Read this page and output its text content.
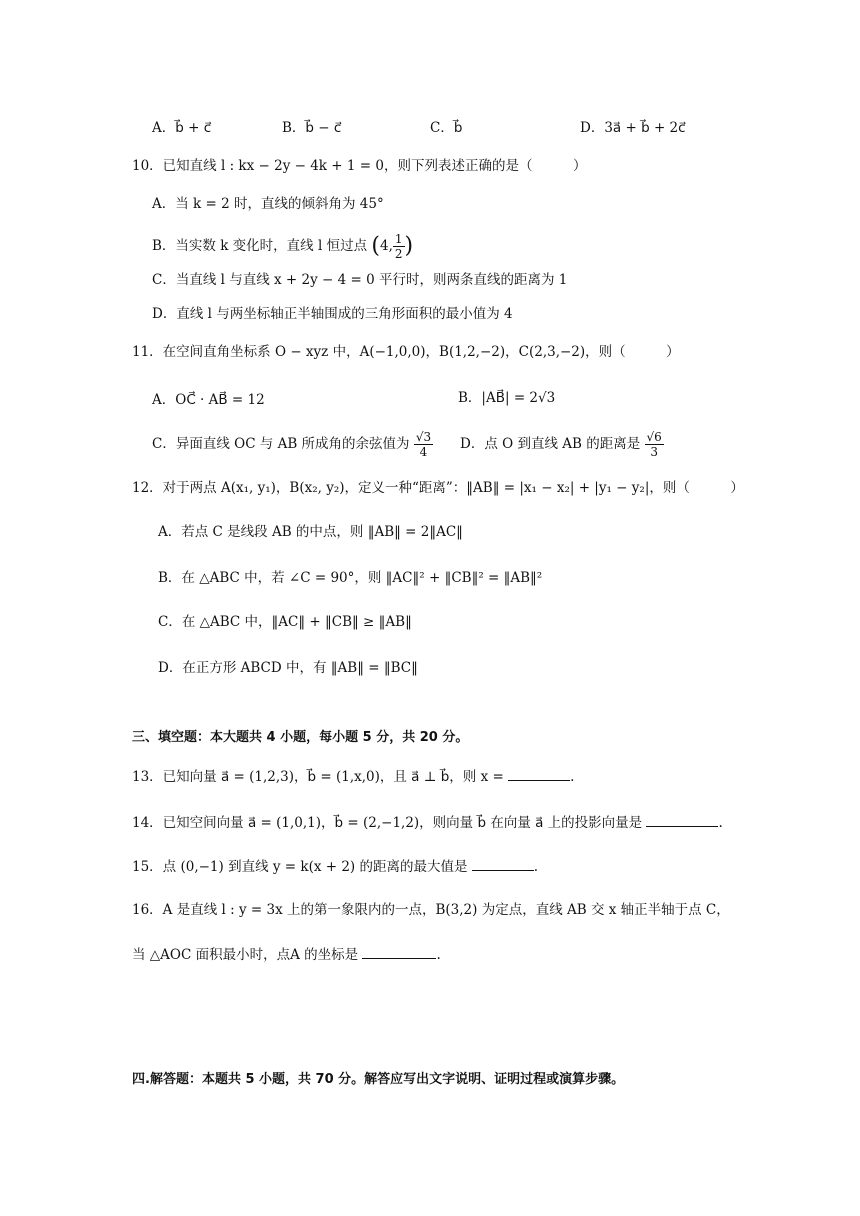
A．b⃗ + c⃗	B．b⃗ − c⃗	C．b⃗	D．3a⃗ + b⃗ + 2c⃗
10．已知直线 l : kx − 2y − 4k + 1 = 0，则下列表述正确的是（　　　）
A．当 k = 2 时，直线的倾斜角为 45°
B．当实数 k 变化时，直线 l 恒过点 (4, $\frac{1}{2}$ )
C．当直线 l 与直线 x + 2y − 4 = 0 平行时，则两条直线的距离为 1
D．直线 l 与两坐标轴正半轴围成的三角形面积的最小值为 4
11．在空间直角坐标系 O − xyz 中，A(−1,0,0)，B(1,2,−2)，C(2,3,−2)，则（　　　）
A．OC⃗ · AB⃗ = 12	B．|AB⃗| = 2√3
C．异面直线 OC 与 AB 所成角的余弦值为 $\frac{√3}{4}$ D．点 O 到直线 AB 的距离是 $\frac{√6}{3}$
12．对于两点 A(x₁, y₁)，B(x₂, y₂)，定义一种“距离”：‖AB‖ = |x₁ − x₂| + |y₁ − y₂|，则（　　　）
A．若点 C 是线段 AB 的中点，则 ‖AB‖ = 2‖AC‖
B．在 △ABC 中，若 ∠C = 90°，则 ‖AC‖² + ‖CB‖² = ‖AB‖²
C．在 △ABC 中，‖AC‖ + ‖CB‖ ≥ ‖AB‖
D．在正方形 ABCD 中，有 ‖AB‖ = ‖BC‖
三、填空题：本大题共 4 小题，每小题 5 分，共 20 分。
13．已知向量 a⃗ = (1,2,3)，b⃗ = (1,x,0)，且 a⃗ ⊥ b⃗，则 x =	.
14．已知空间向量 a⃗ = (1,0,1)，b⃗ = (2,−1,2)，则向量 b⃗ 在向量 a⃗ 上的投影向量是	.
15．点 (0,−1) 到直线 y = k(x + 2) 的距离的最大值是	.
16．A 是直线 l : y = 3x 上的第一象限内的一点，B(3,2) 为定点，直线 AB 交 x 轴正半轴于点 C，
当 △AOC 面积最小时，点A 的坐标是	.
四.解答题：本题共 5 小题，共 70 分。解答应写出文字说明、证明过程或演算步骤。
